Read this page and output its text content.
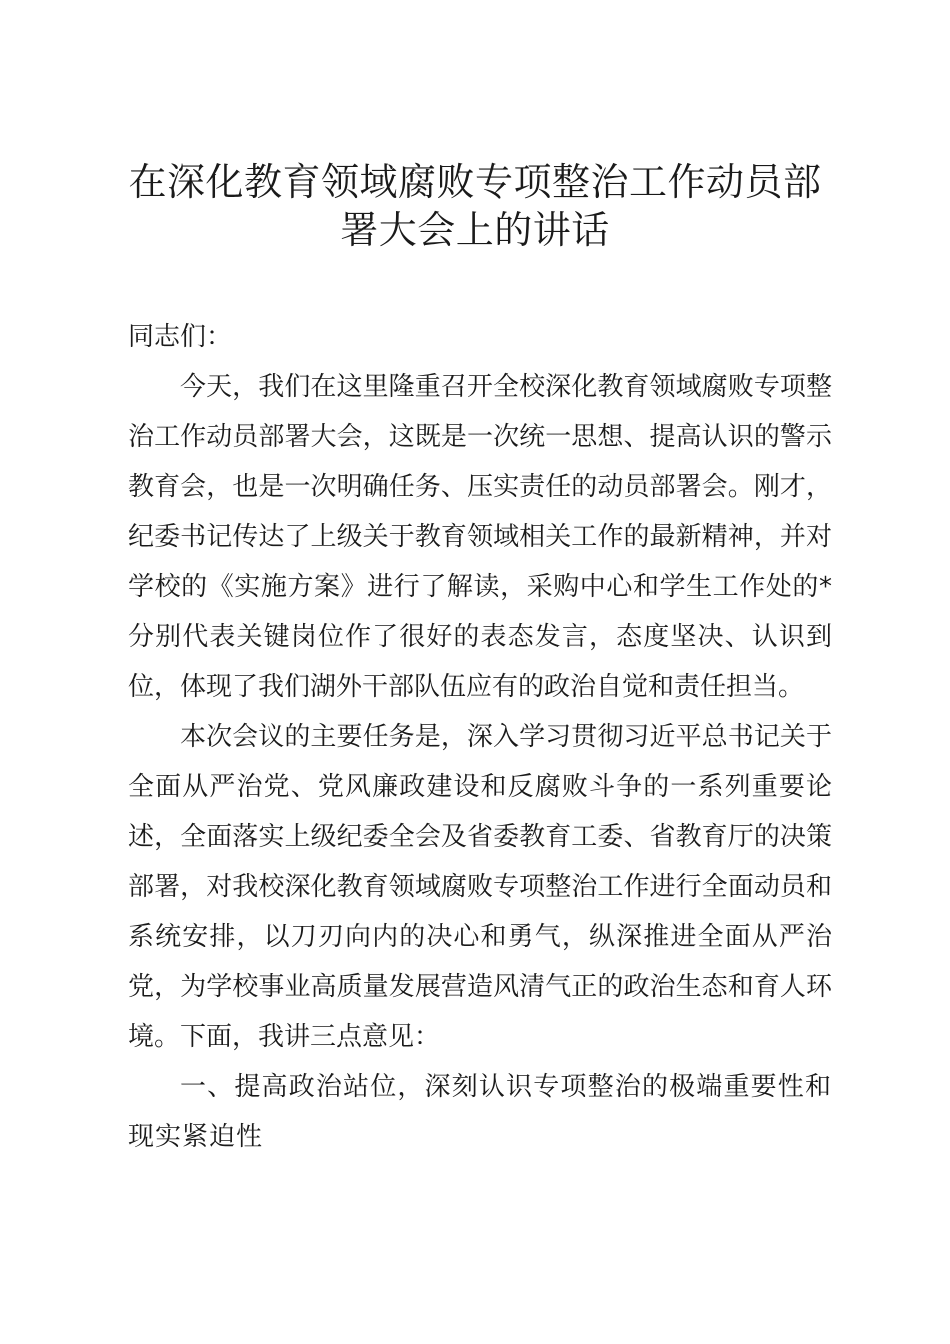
在深化教育领域腐败专项整治工作动员部署大会上的讲话

同志们：

今天，我们在这里隆重召开全校深化教育领域腐败专项整治工作动员部署大会，这既是一次统一思想、提高认识的警示教育会，也是一次明确任务、压实责任的动员部署会。刚才，纪委书记传达了上级关于教育领域相关工作的最新精神，并对学校的《实施方案》进行了解读，采购中心和学生工作处的*分别代表关键岗位作了很好的表态发言，态度坚决、认识到位，体现了我们湖外干部队伍应有的政治自觉和责任担当。

本次会议的主要任务是，深入学习贯彻习近平总书记关于全面从严治党、党风廉政建设和反腐败斗争的一系列重要论述，全面落实上级纪委全会及省委教育工委、省教育厅的决策部署，对我校深化教育领域腐败专项整治工作进行全面动员和系统安排，以刀刃向内的决心和勇气，纵深推进全面从严治党，为学校事业高质量发展营造风清气正的政治生态和育人环境。下面，我讲三点意见：

一、提高政治站位，深刻认识专项整治的极端重要性和现实紧迫性
